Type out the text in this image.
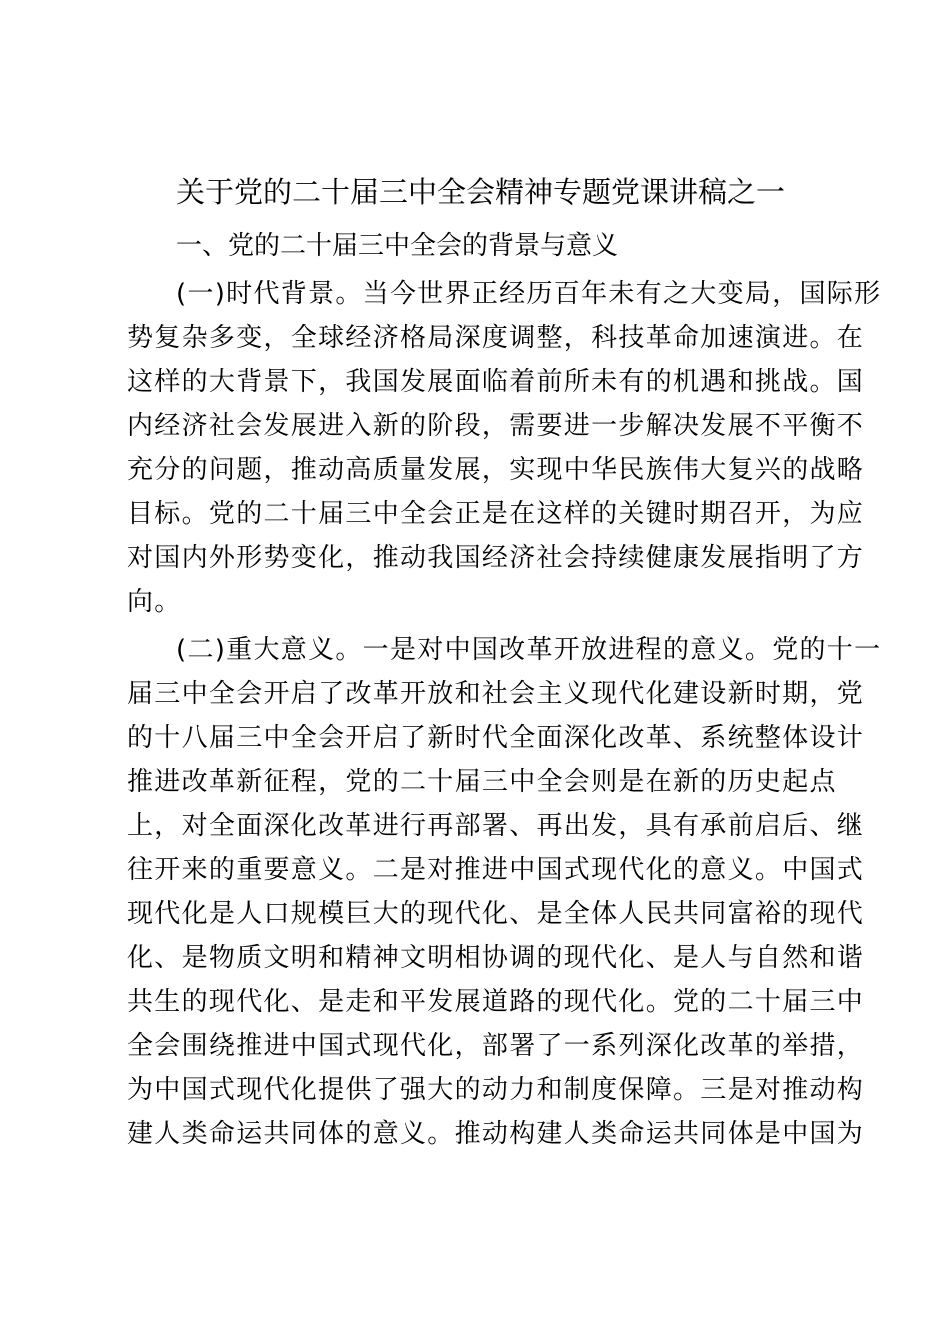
关于党的二十届三中全会精神专题党课讲稿之一
一、党的二十届三中全会的背景与意义
(一)时代背景。当今世界正经历百年未有之大变局，国际形
势复杂多变，全球经济格局深度调整，科技革命加速演进。在
这样的大背景下，我国发展面临着前所未有的机遇和挑战。国
内经济社会发展进入新的阶段，需要进一步解决发展不平衡不
充分的问题，推动高质量发展，实现中华民族伟大复兴的战略
目标。党的二十届三中全会正是在这样的关键时期召开，为应
对国内外形势变化，推动我国经济社会持续健康发展指明了方
向。
(二)重大意义。一是对中国改革开放进程的意义。党的十一
届三中全会开启了改革开放和社会主义现代化建设新时期，党
的十八届三中全会开启了新时代全面深化改革、系统整体设计
推进改革新征程，党的二十届三中全会则是在新的历史起点
上，对全面深化改革进行再部署、再出发，具有承前启后、继
往开来的重要意义。二是对推进中国式现代化的意义。中国式
现代化是人口规模巨大的现代化、是全体人民共同富裕的现代
化、是物质文明和精神文明相协调的现代化、是人与自然和谐
共生的现代化、是走和平发展道路的现代化。党的二十届三中
全会围绕推进中国式现代化，部署了一系列深化改革的举措，
为中国式现代化提供了强大的动力和制度保障。三是对推动构
建人类命运共同体的意义。推动构建人类命运共同体是中国为
